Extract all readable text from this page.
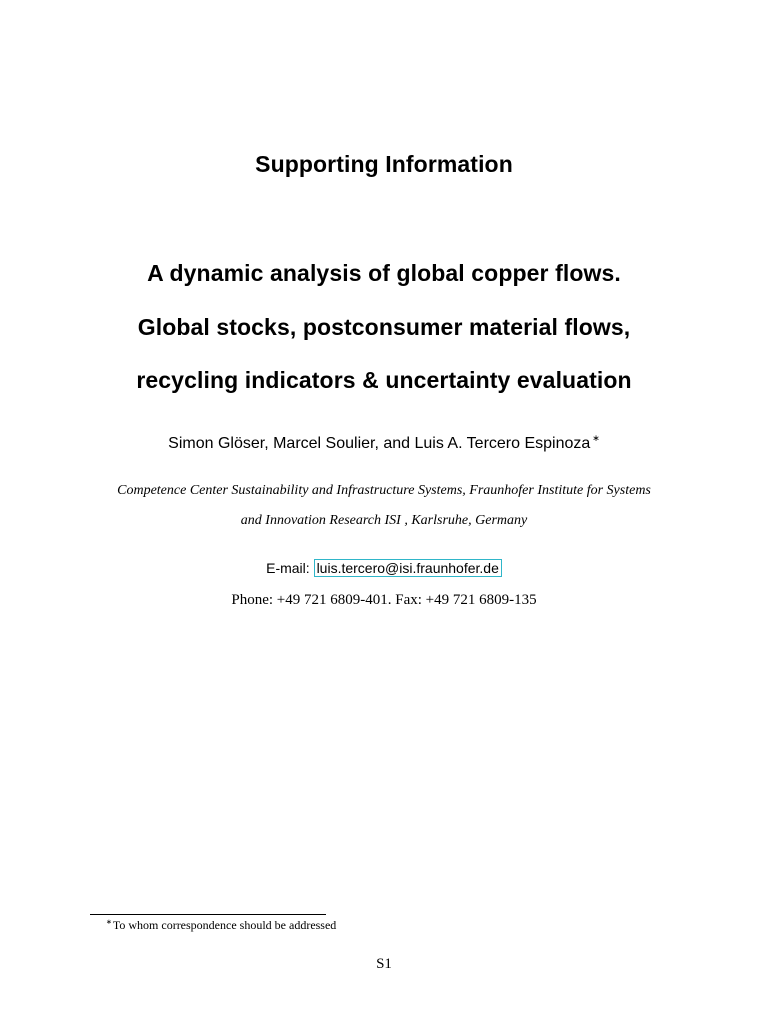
Supporting Information
A dynamic analysis of global copper flows.
Global stocks, postconsumer material flows,
recycling indicators & uncertainty evaluation
Simon Glöser, Marcel Soulier, and Luis A. Tercero Espinoza ∗
Competence Center Sustainability and Infrastructure Systems, Fraunhofer Institute for Systems
and Innovation Research ISI , Karlsruhe, Germany
E-mail: luis.tercero@isi.fraunhofer.de
Phone: +49 721 6809-401. Fax: +49 721 6809-135
∗To whom correspondence should be addressed
S1
